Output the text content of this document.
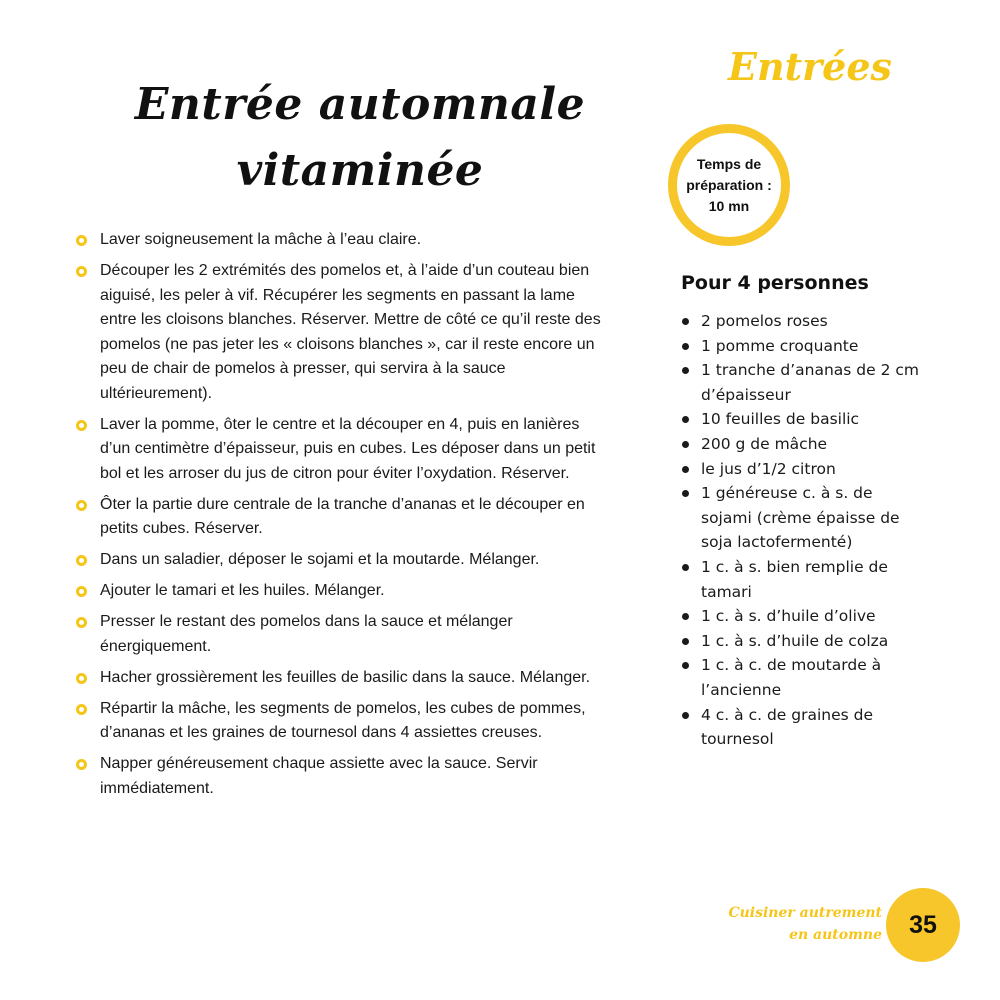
Entrées
Entrée automnale
vitaminée	Temps de
préparation :
10 mn
Laver soigneusement la mâche à l’eau claire.
Découper les 2 extrémités des pomelos et, à l’aide d’un couteau bien aiguisé, les peler à vif. Récupérer les segments en passant la lame entre les cloisons blanches. Réserver. Mettre de côté ce qu’il reste des pomelos (ne pas jeter les « cloisons blanches », car il reste encore un peu de chair de pomelos à presser, qui servira à la sauce ultérieurement).
Laver la pomme, ôter le centre et la découper en 4, puis en lanières d’un centimètre d’épaisseur, puis en cubes. Les déposer dans un petit bol et les arroser du jus de citron pour éviter l’oxydation. Réserver.
Ôter la partie dure centrale de la tranche d’ananas et le découper en petits cubes. Réserver.
Dans un saladier, déposer le sojami et la moutarde. Mélanger.
Ajouter le tamari et les huiles. Mélanger.
Presser le restant des pomelos dans la sauce et mélanger énergiquement.
Hacher grossièrement les feuilles de basilic dans la sauce. Mélanger.
Répartir la mâche, les segments de pomelos, les cubes de pommes, d’ananas et les graines de tournesol dans 4 assiettes creuses.
Napper généreusement chaque assiette avec la sauce. Servir immédiatement.
Pour 4 personnes
2 pomelos roses
1 pomme croquante
1 tranche d’ananas de 2 cm d’épaisseur
10 feuilles de basilic
200 g de mâche
le jus d’1/2 citron
1 généreuse c. à s. de sojami (crème épaisse de soja lactofermenté)
1 c. à s. bien remplie de tamari
1 c. à s. d’huile d’olive
1 c. à s. d’huile de colza
1 c. à c. de moutarde à l’ancienne
4 c. à c. de graines de tournesol
Cuisiner autrement
en automne	35
